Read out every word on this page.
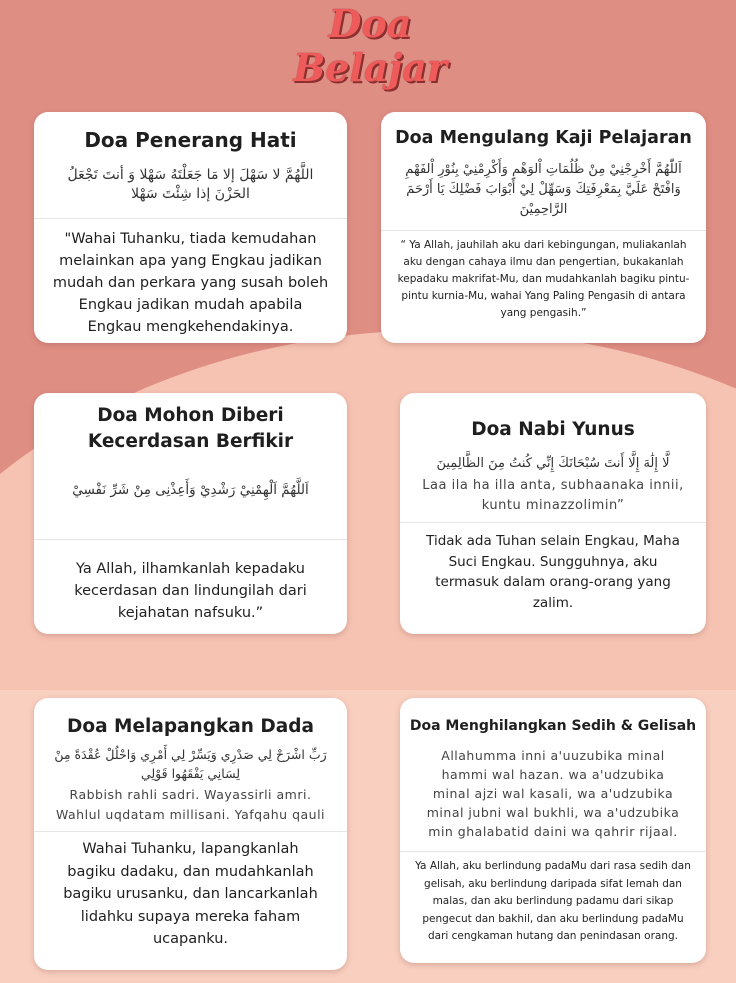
Doa
Belajar
Doa Penerang Hati
اللَّهُمَّ لا سَهْلَ إلا مَا جَعَلْتَهُ سَهْلا وَ أنتَ تَجْعَلُ الحَزْنَ إذا شِئْتَ سَهْلا
"Wahai Tuhanku, tiada kemudahan melainkan apa yang Engkau jadikan mudah dan perkara yang susah boleh Engkau jadikan mudah apabila Engkau mengkehendakinya.
Doa Mengulang Kaji Pelajaran
اَللّٰهُمَّ أَخْرِجْنِيْ مِنْ ظُلُمَاتِ اْلوَهْمِ وَأَكْرِمْنِيْ بِنُوْرِ اْلفَهْمِ وَافْتَحْ عَلَيَّ بِمَعْرِفَتِكَ وَسَهِّلْ لِيْ أَبْوَابَ فَضْلِكَ يَا أَرْحَمَ الرَّاحِمِيْنَ
“ Ya Allah, jauhilah aku dari kebingungan, muliakanlah aku dengan cahaya ilmu dan pengertian, bukakanlah kepadaku makrifat-Mu, dan mudahkanlah bagiku pintu-pintu kurnia-Mu, wahai Yang Paling Pengasih di antara yang pengasih.”
Doa Mohon Diberi Kecerdasan Berfikir
اَللَّهُمَّ اَلْهِمْنِيْ رَشْدِيْ وَأَعِذْنِى مِنْ شَرِّ نَفْسِيْ
Ya Allah, ilhamkanlah kepadaku kecerdasan dan lindungilah dari kejahatan nafsuku.”
Doa Nabi Yunus
لَّا إِلَٰهَ إِلَّا أَنتَ سُبْحَانَكَ إِنِّي كُنتُ مِنَ الظَّالِمِينَ
Laa ila ha illa anta, subhaanaka innii, kuntu minazzolimin”
Tidak ada Tuhan selain Engkau, Maha Suci Engkau. Sungguhnya, aku termasuk dalam orang-orang yang zalim.
Doa Melapangkan Dada
رَبِّ اشْرَحْ لِي صَدْرِي وَيَسِّرْ لِي أَمْرِي وَاحْلُلْ عُقْدَةً مِنْ لِسَانِي يَفْقَهُوا قَوْلِي
Rabbish rahli sadri. Wayassirli amri. Wahlul uqdatam millisani. Yafqahu qauli
Wahai Tuhanku, lapangkanlah bagiku dadaku, dan mudahkanlah bagiku urusanku, dan lancarkanlah lidahku supaya mereka faham ucapanku.
Doa Menghilangkan Sedih & Gelisah
Allahumma inni a'uuzubika minal hammi wal hazan. wa a'udzubika minal ajzi wal kasali, wa a'udzubika minal jubni wal bukhli, wa a'udzubika min ghalabatid daini wa qahrir rijaal.
Ya Allah, aku berlindung padaMu dari rasa sedih dan gelisah, aku berlindung daripada sifat lemah dan malas, dan aku berlindung padamu dari sikap pengecut dan bakhil, dan aku berlindung padaMu dari cengkaman hutang dan penindasan orang.
